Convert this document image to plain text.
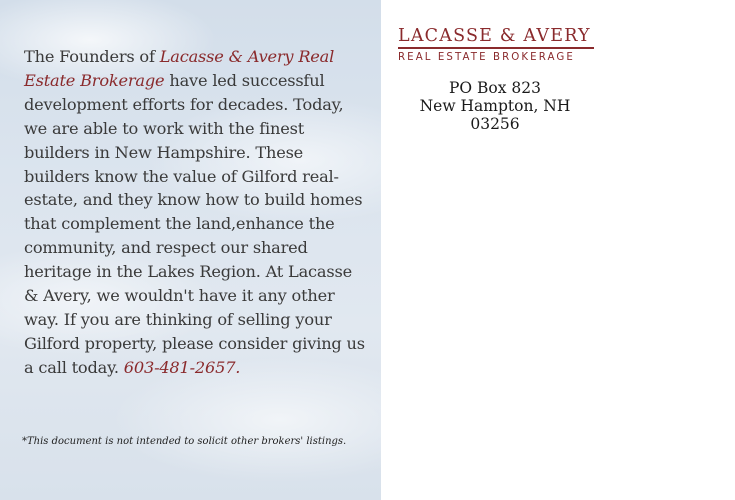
The Founders of Lacasse & Avery Real Estate Brokerage have led successful development efforts for decades. Today, we are able to work with the finest builders in New Hampshire. These builders know the value of Gilford real-estate, and they know how to build homes that complement the land,enhance the community, and respect our shared heritage in the Lakes Region. At Lacasse & Avery, we wouldn't have it any other way. If you are thinking of selling your Gilford property, please consider giving us a call today. 603-481-2657.

*This document is not intended to solicit other brokers' listings.

LACASSE & AVERY
REAL ESTATE BROKERAGE
PO Box 823
New Hampton, NH
03256
